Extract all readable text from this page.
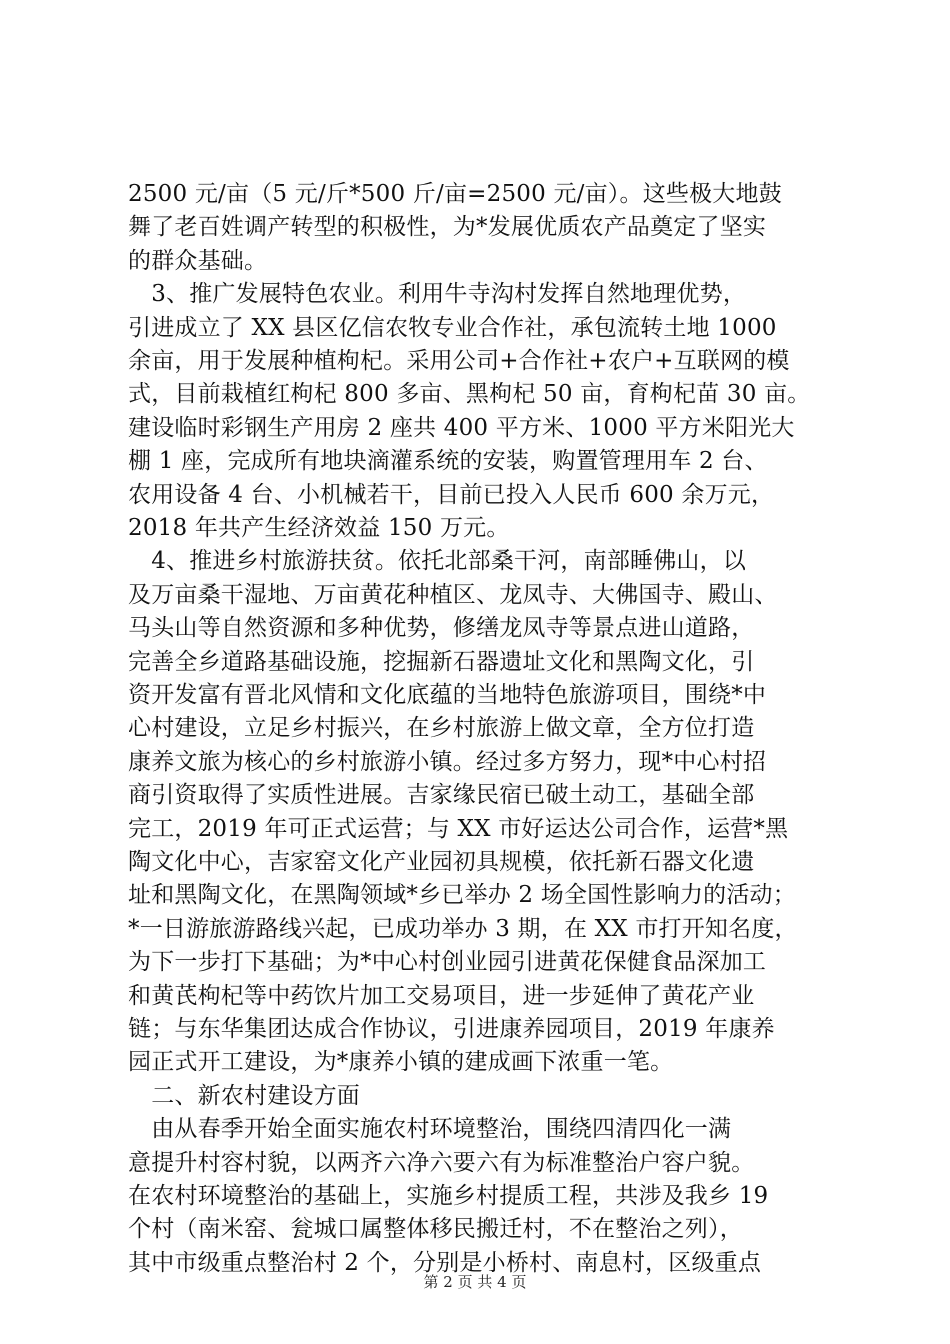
2500 元/亩（5 元/斤*500 斤/亩=2500 元/亩）。这些极大地鼓
舞了老百姓调产转型的积极性，为*发展优质农产品奠定了坚实
的群众基础。
　3、推广发展特色农业。利用牛寺沟村发挥自然地理优势，
引进成立了 XX 县区亿信农牧专业合作社，承包流转土地 1000
余亩，用于发展种植枸杞。采用公司+合作社+农户+互联网的模
式，目前栽植红枸杞 800 多亩、黑枸杞 50 亩，育枸杞苗 30 亩。
建设临时彩钢生产用房 2 座共 400 平方米、1000 平方米阳光大
棚 1 座，完成所有地块滴灌系统的安装，购置管理用车 2 台、
农用设备 4 台、小机械若干，目前已投入人民币 600 余万元，
2018 年共产生经济效益 150 万元。
　4、推进乡村旅游扶贫。依托北部桑干河，南部睡佛山，以
及万亩桑干湿地、万亩黄花种植区、龙凤寺、大佛国寺、殿山、
马头山等自然资源和多种优势，修缮龙凤寺等景点进山道路，
完善全乡道路基础设施，挖掘新石器遗址文化和黑陶文化，引
资开发富有晋北风情和文化底蕴的当地特色旅游项目，围绕*中
心村建设，立足乡村振兴，在乡村旅游上做文章，全方位打造
康养文旅为核心的乡村旅游小镇。经过多方努力，现*中心村招
商引资取得了实质性进展。吉家缘民宿已破土动工，基础全部
完工，2019 年可正式运营；与 XX 市好运达公司合作，运营*黑
陶文化中心，吉家窑文化产业园初具规模，依托新石器文化遗
址和黑陶文化，在黑陶领域*乡已举办 2 场全国性影响力的活动；
*一日游旅游路线兴起，已成功举办 3 期，在 XX 市打开知名度，
为下一步打下基础；为*中心村创业园引进黄花保健食品深加工
和黄芪枸杞等中药饮片加工交易项目，进一步延伸了黄花产业
链；与东华集团达成合作协议，引进康养园项目，2019 年康养
园正式开工建设，为*康养小镇的建成画下浓重一笔。
　二、新农村建设方面
　由从春季开始全面实施农村环境整治，围绕四清四化一满
意提升村容村貌，以两齐六净六要六有为标准整治户容户貌。
在农村环境整治的基础上，实施乡村提质工程，共涉及我乡 19
个村（南米窑、瓮城口属整体移民搬迁村，不在整治之列），
其中市级重点整治村 2 个，分别是小桥村、南息村，区级重点
第 2 页 共 4 页
